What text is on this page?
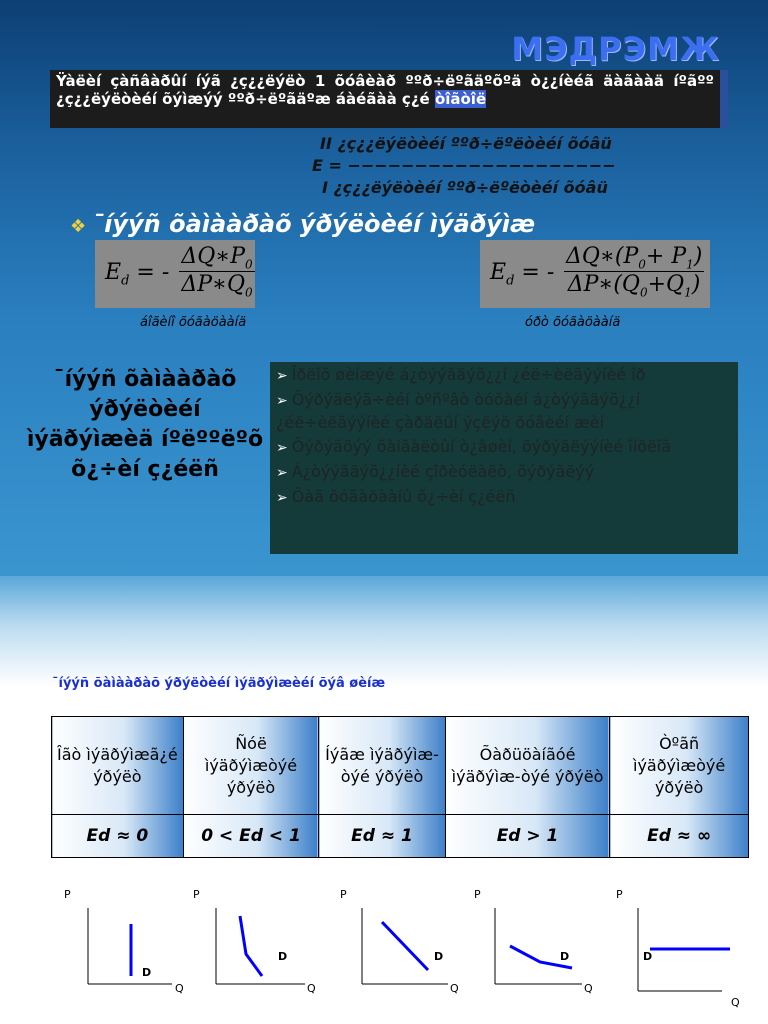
МЭДРЭМЖ
Ÿàëèí çàñâàðûí íýã ¿ç¿¿ëýëò 1 õóâèàð ººð÷ëºãäºõºä ò¿¿íèéã äàãààä íºãºº ¿ç¿¿ëýëòèéí õýìæýý ººð÷ëºãäºæ áàéãàà ç¿é òîãòîë
II ¿ç¿¿ëýëòèéí ººð÷ëºëòèéí õóâü
E = −−−−−−−−−−−−−−−−−−−−
I ¿ç¿¿ëýëòèéí ººð÷ëºëòèéí õóâü
❖ ¯íýýñ õàìààðàõ ýðýëòèéí ìýäðýìæ
$E_d$ = - $\frac{\Delta Q∗P_0}{\Delta P∗Q_0}$	$E_d$ = - $\frac{\Delta Q∗(P_0+ P_1)}{\Delta P∗(Q_0+Q_1)}$
áîãèíî õóãàöààíä	óðò õóãàöààíä
¯íýýñ õàìààðàõ ýðýëòèéí ìýäðýìæèä íºëººëºõ õ¿÷èí ç¿éëñ
➢ Îðëîõ øèíæýé á¿òýýãäýõ¿¿í ¿éë÷èëãýýíèé îð
➢ Õýðýãëýã÷èéí òºñºâò òóõàéí á¿òýýãäýõ¿¿í ¿éë÷èëãýýíèé çàðäëûí ýçëýõ õóâèéí æèí
➢ Õýðýãöýý õàíãàëòûí ò¿âøèí, õýðýãëýýíèé îíöëîã
➢ Á¿òýýãäýõ¿¿íèé çîðèóëàëò, õýðýãëýý
➢ Öàã õóãàöààíû õ¿÷èí ç¿éëñ
¯íýýñ õàìààðàõ ýðýëòèéí ìýäðýìæèéí õýâ øèíæ
Îãò ìýäðýìæã¿é ýðýëò	Ñóë ìýäðýìæòýé ýðýëò	Íýãæ ìýäðýìæ-òýé ýðýëò	Õàðüöàíãóé ìýäðýìæ-òýé ýðýëò	Òºãñ ìýäðýìæòýé ýðýëò
Ed ≈ 0	0 < Ed < 1	Ed ≈ 1	Ed > 1	Ed ≈ ∞
P
Q
D
P
Q
D
P
Q
D
P
Q
D
P
Q
D
